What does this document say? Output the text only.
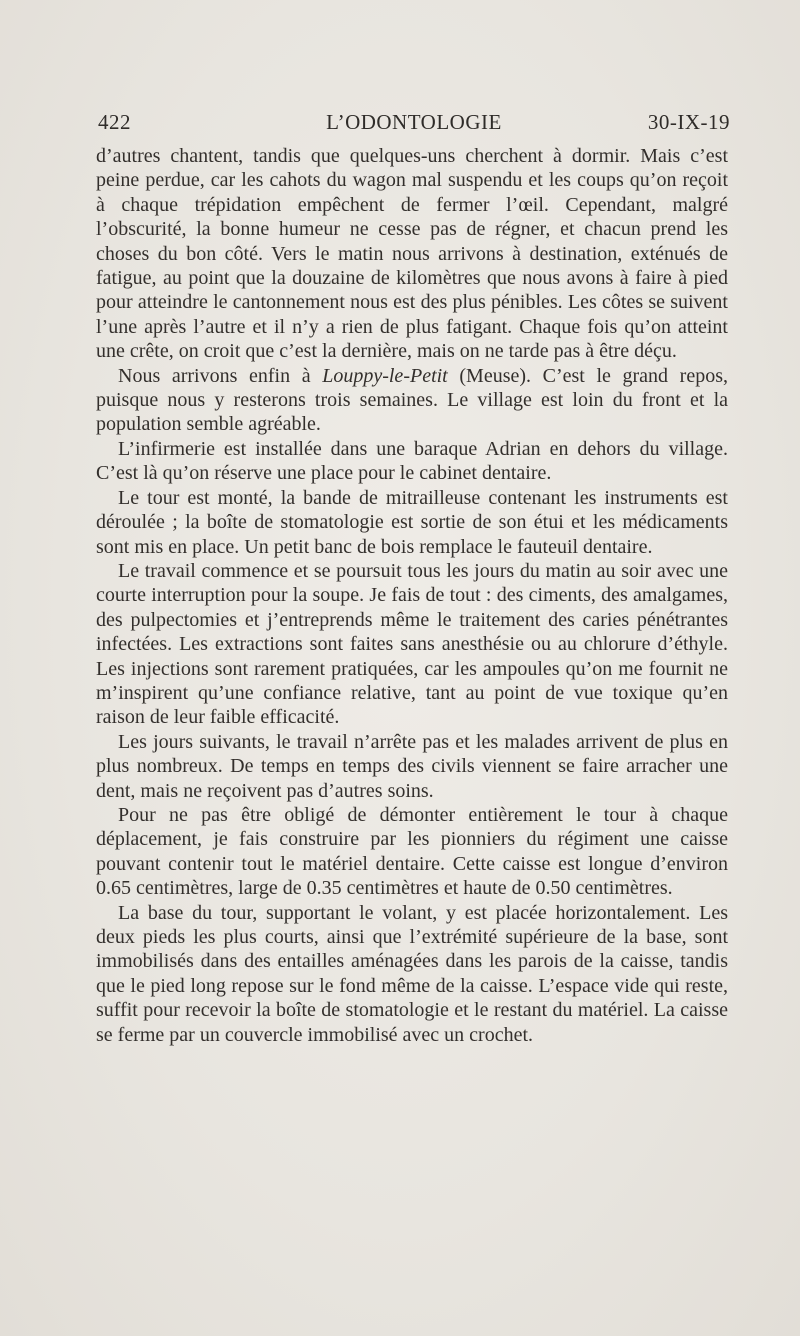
L’ODONTOLOGIE
422	30-IX-19

d’autres chantent, tandis que quelques-uns cherchent à dormir. Mais c’est peine perdue, car les cahots du wagon mal suspendu et les coups qu’on reçoit à chaque trépidation empêchent de fermer l’œil. Cependant, malgré l’obscurité, la bonne humeur ne cesse pas de régner, et chacun prend les choses du bon côté. Vers le matin nous arrivons à destination, exténués de fatigue, au point que la douzaine de kilomètres que nous avons à faire à pied pour atteindre le cantonnement nous est des plus pénibles. Les côtes se suivent l’une après l’autre et il n’y a rien de plus fatigant. Chaque fois qu’on atteint une crête, on croit que c’est la dernière, mais on ne tarde pas à être déçu.

Nous arrivons enfin à Louppy-le-Petit (Meuse). C’est le grand repos, puisque nous y resterons trois semaines. Le village est loin du front et la population semble agréable.

L’infirmerie est installée dans une baraque Adrian en dehors du village. C’est là qu’on réserve une place pour le cabinet dentaire.

Le tour est monté, la bande de mitrailleuse contenant les instruments est déroulée ; la boîte de stomatologie est sortie de son étui et les médicaments sont mis en place. Un petit banc de bois remplace le fauteuil dentaire.

Le travail commence et se poursuit tous les jours du matin au soir avec une courte interruption pour la soupe. Je fais de tout : des ciments, des amalgames, des pulpectomies et j’entreprends même le traitement des caries pénétrantes infectées. Les extractions sont faites sans anesthésie ou au chlorure d’éthyle. Les injections sont rarement pratiquées, car les ampoules qu’on me fournit ne m’inspirent qu’une confiance relative, tant au point de vue toxique qu’en raison de leur faible efficacité.

Les jours suivants, le travail n’arrête pas et les malades arrivent de plus en plus nombreux. De temps en temps des civils viennent se faire arracher une dent, mais ne reçoivent pas d’autres soins.

Pour ne pas être obligé de démonter entièrement le tour à chaque déplacement, je fais construire par les pionniers du régiment une caisse pouvant contenir tout le matériel dentaire. Cette caisse est longue d’environ 0.65 centimètres, large de 0.35 centimètres et haute de 0.50 centimètres.

La base du tour, supportant le volant, y est placée horizontalement. Les deux pieds les plus courts, ainsi que l’extrémité supérieure de la base, sont immobilisés dans des entailles aménagées dans les parois de la caisse, tandis que le pied long repose sur le fond même de la caisse. L’espace vide qui reste, suffit pour recevoir la boîte de stomatologie et le restant du matériel. La caisse se ferme par un couvercle immobilisé avec un crochet.
